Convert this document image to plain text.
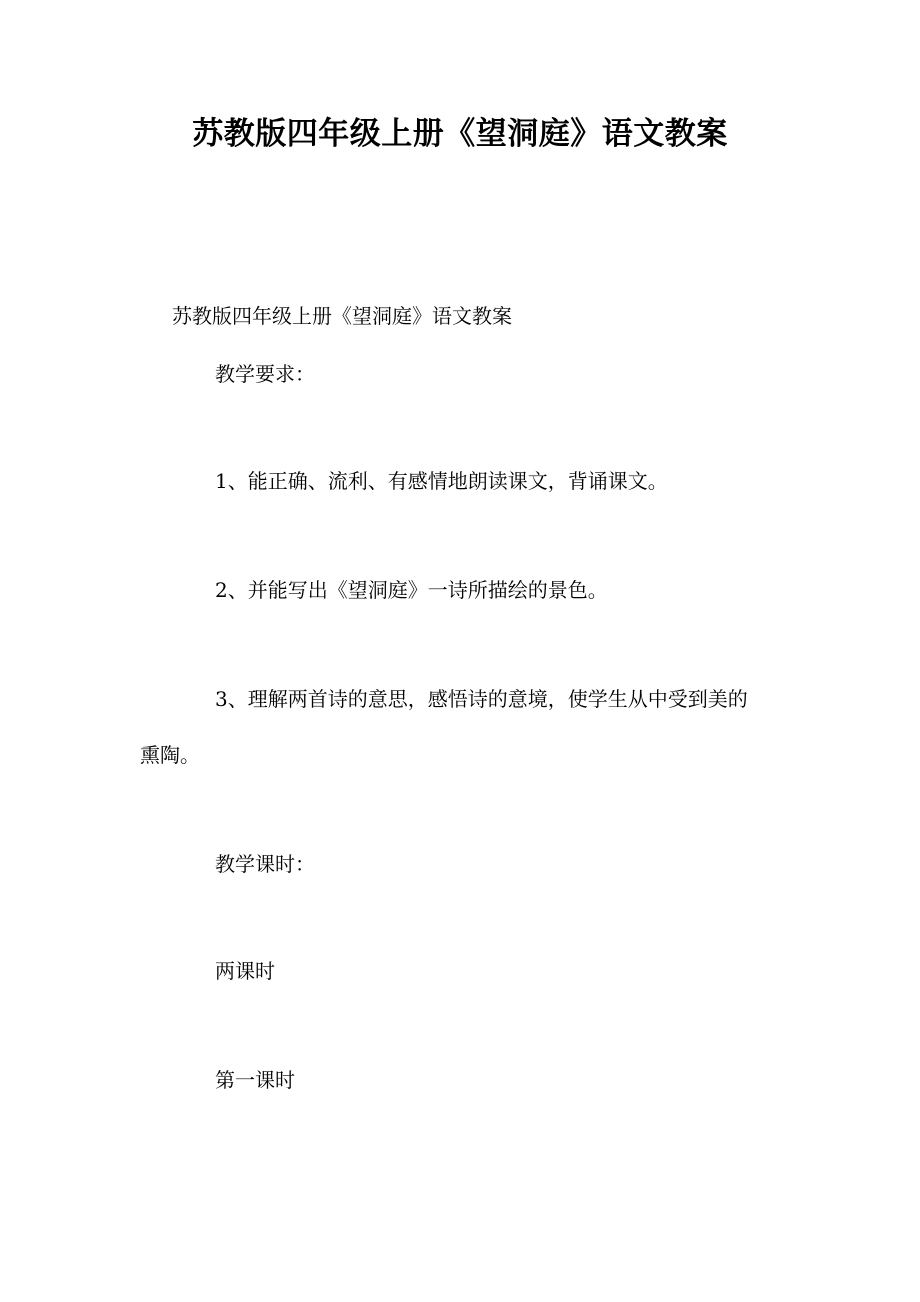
苏教版四年级上册《望洞庭》语文教案
苏教版四年级上册《望洞庭》语文教案
教学要求：
1、能正确、流利、有感情地朗读课文，背诵课文。
2、并能写出《望洞庭》一诗所描绘的景色。
3、理解两首诗的意思，感悟诗的意境，使学生从中受到美的
熏陶。
教学课时：
两课时
第一课时
